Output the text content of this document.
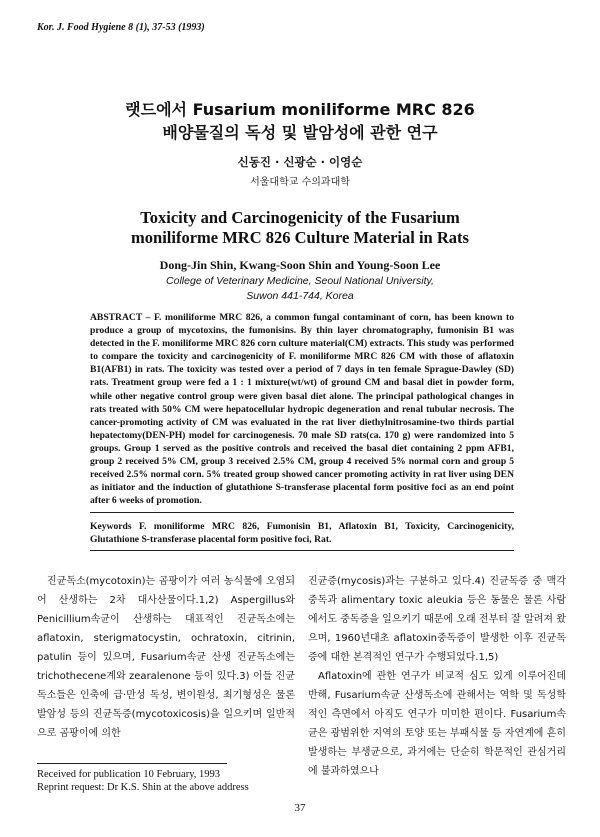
Kor. J. Food Hygiene 8 (1), 37-53 (1993)
랫드에서 Fusarium moniliforme MRC 826
배양물질의 독성 및 발암성에 관한 연구
신동진 · 신광순 · 이영순
서울대학교 수의과대학
Toxicity and Carcinogenicity of the Fusarium
moniliforme MRC 826 Culture Material in Rats
Dong-Jin Shin, Kwang-Soon Shin and Young-Soon Lee
College of Veterinary Medicine, Seoul National University,
Suwon 441-744, Korea
ABSTRACT – F. moniliforme MRC 826, a common fungal contaminant of corn, has been known to produce a group of mycotoxins, the fumonisins. By thin layer chromatography, fumonisin B1 was detected in the F. moniliforme MRC 826 corn culture material(CM) extracts. This study was performed to compare the toxicity and carcinogenicity of F. moniliforme MRC 826 CM with those of aflatoxin B1(AFB1) in rats. The toxicity was tested over a period of 7 days in ten female Sprague-Dawley (SD) rats. Treatment group were fed a 1 : 1 mixture(wt/wt) of ground CM and basal diet in powder form, while other negative control group were given basal diet alone. The principal pathological changes in rats treated with 50% CM were hepatocellular hydropic degeneration and renal tubular necrosis. The cancer-promoting activity of CM was evaluated in the rat liver diethylnitrosamine-two thirds partial hepatectomy(DEN-PH) model for carcinogenesis. 70 male SD rats(ca. 170 g) were randomized into 5 groups. Group 1 served as the positive controls and received the basal diet containing 2 ppm AFB1, group 2 received 5% CM, group 3 received 2.5% CM, group 4 received 5% normal corn and group 5 received 2.5% normal corn. 5% treated group showed cancer promoting activity in rat liver using DEN as initiator and the induction of glutathione S-transferase placental form positive foci as an end point after 6 weeks of promotion.
Keywords F. moniliforme MRC 826, Fumonisin B1, Aflatoxin B1, Toxicity, Carcinogenicity, Glutathione S-transferase placental form positive foci, Rat.

진균독소(mycotoxin)는 곰팡이가 여러 농식물에 오염되어 산생하는 2차 대사산물이다.1,2) Aspergillus와 Penicillium속균이 산생하는 대표적인 진균독소에는 aflatoxin, sterigmatocystin, ochratoxin, citrinin, patulin 등이 있으며, Fusarium속균 산생 진균독소에는 trichothecene계와 zearalenone 등이 있다.3) 이들 진균독소들은 인축에 급·만성 독성, 변이원성, 최기형성은 물론 발암성 등의 진균독증(mycotoxicosis)을 일으키며 일반적으로 곰팡이에 의한

진균증(mycosis)과는 구분하고 있다.4) 진균독증 중 맥각중독과 alimentary toxic aleukia 등은 동물은 물론 사람에서도 중독증을 일으키기 때문에 오래 전부터 잘 알려져 왔으며, 1960년대초 aflatoxin중독증이 발생한 이후 진균독증에 대한 본격적인 연구가 수행되었다.1,5)

Aflatoxin에 관한 연구가 비교적 심도 있게 이루어진데 반해, Fusarium속균 산생독소에 관해서는 역학 및 독성학적인 측면에서 아직도 연구가 미미한 편이다. Fusarium속균은 광범위한 지역의 토양 또는 부패식물 등 자연계에 흔히 발생하는 부생균으로, 과거에는 단순히 학문적인 관심거리에 불과하였으나

Received for publication 10 February, 1993
Reprint request: Dr K.S. Shin at the above address
37
